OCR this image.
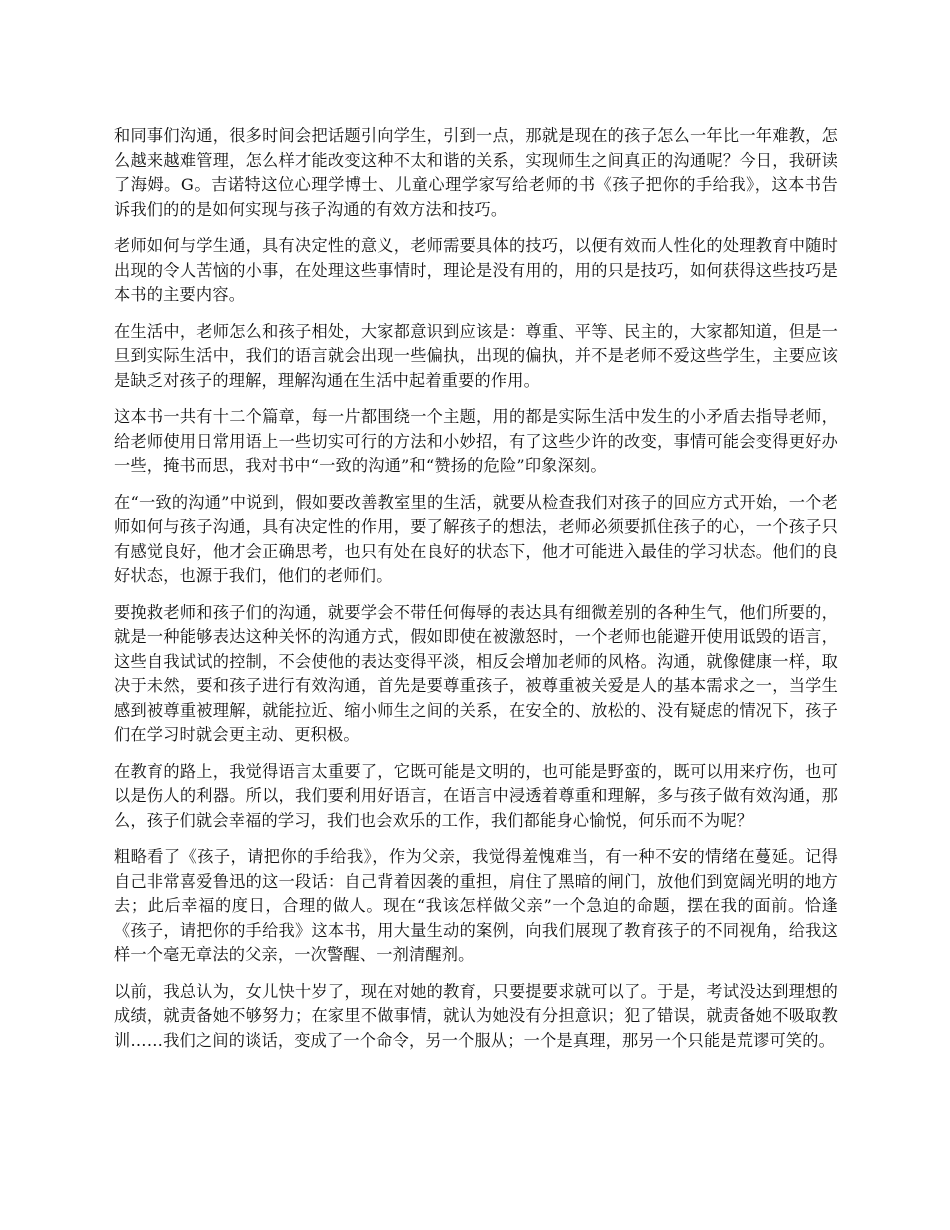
和同事们沟通，很多时间会把话题引向学生，引到一点，那就是现在的孩子怎么一年比一年难教，怎么越来越难管理，怎么样才能改变这种不太和谐的关系，实现师生之间真正的沟通呢？今日，我研读了海姆。G。吉诺特这位心理学博士、儿童心理学家写给老师的书《孩子把你的手给我》，这本书告诉我们的的是如何实现与孩子沟通的有效方法和技巧。

老师如何与学生通，具有决定性的意义，老师需要具体的技巧，以便有效而人性化的处理教育中随时出现的令人苦恼的小事，在处理这些事情时，理论是没有用的，用的只是技巧，如何获得这些技巧是本书的主要内容。

在生活中，老师怎么和孩子相处，大家都意识到应该是：尊重、平等、民主的，大家都知道，但是一旦到实际生活中，我们的语言就会出现一些偏执，出现的偏执，并不是老师不爱这些学生，主要应该是缺乏对孩子的理解，理解沟通在生活中起着重要的作用。

这本书一共有十二个篇章，每一片都围绕一个主题，用的都是实际生活中发生的小矛盾去指导老师，给老师使用日常用语上一些切实可行的方法和小妙招，有了这些少许的改变，事情可能会变得更好办一些，掩书而思，我对书中“一致的沟通”和“赞扬的危险”印象深刻。

在“一致的沟通”中说到，假如要改善教室里的生活，就要从检查我们对孩子的回应方式开始，一个老师如何与孩子沟通，具有决定性的作用，要了解孩子的想法，老师必须要抓住孩子的心，一个孩子只有感觉良好，他才会正确思考，也只有处在良好的状态下，他才可能进入最佳的学习状态。他们的良好状态，也源于我们，他们的老师们。

要挽救老师和孩子们的沟通，就要学会不带任何侮辱的表达具有细微差别的各种生气，他们所要的，就是一种能够表达这种关怀的沟通方式，假如即使在被激怒时，一个老师也能避开使用诋毁的语言，这些自我试试的控制，不会使他的表达变得平淡，相反会增加老师的风格。沟通，就像健康一样，取决于未然，要和孩子进行有效沟通，首先是要尊重孩子，被尊重被关爱是人的基本需求之一，当学生感到被尊重被理解，就能拉近、缩小师生之间的关系，在安全的、放松的、没有疑虑的情况下，孩子们在学习时就会更主动、更积极。

在教育的路上，我觉得语言太重要了，它既可能是文明的，也可能是野蛮的，既可以用来疗伤，也可以是伤人的利器。所以，我们要利用好语言，在语言中浸透着尊重和理解，多与孩子做有效沟通，那么，孩子们就会幸福的学习，我们也会欢乐的工作，我们都能身心愉悦，何乐而不为呢？

粗略看了《孩子，请把你的手给我》，作为父亲，我觉得羞愧难当，有一种不安的情绪在蔓延。记得自己非常喜爱鲁迅的这一段话：自己背着因袭的重担，肩住了黑暗的闸门，放他们到宽阔光明的地方去；此后幸福的度日，合理的做人。现在“我该怎样做父亲”一个急迫的命题，摆在我的面前。恰逢《孩子，请把你的手给我》这本书，用大量生动的案例，向我们展现了教育孩子的不同视角，给我这样一个毫无章法的父亲，一次警醒、一剂清醒剂。

以前，我总认为，女儿快十岁了，现在对她的教育，只要提要求就可以了。于是，考试没达到理想的成绩，就责备她不够努力；在家里不做事情，就认为她没有分担意识；犯了错误，就责备她不吸取教训……我们之间的谈话，变成了一个命令，另一个服从；一个是真理，那另一个只能是荒谬可笑的。
